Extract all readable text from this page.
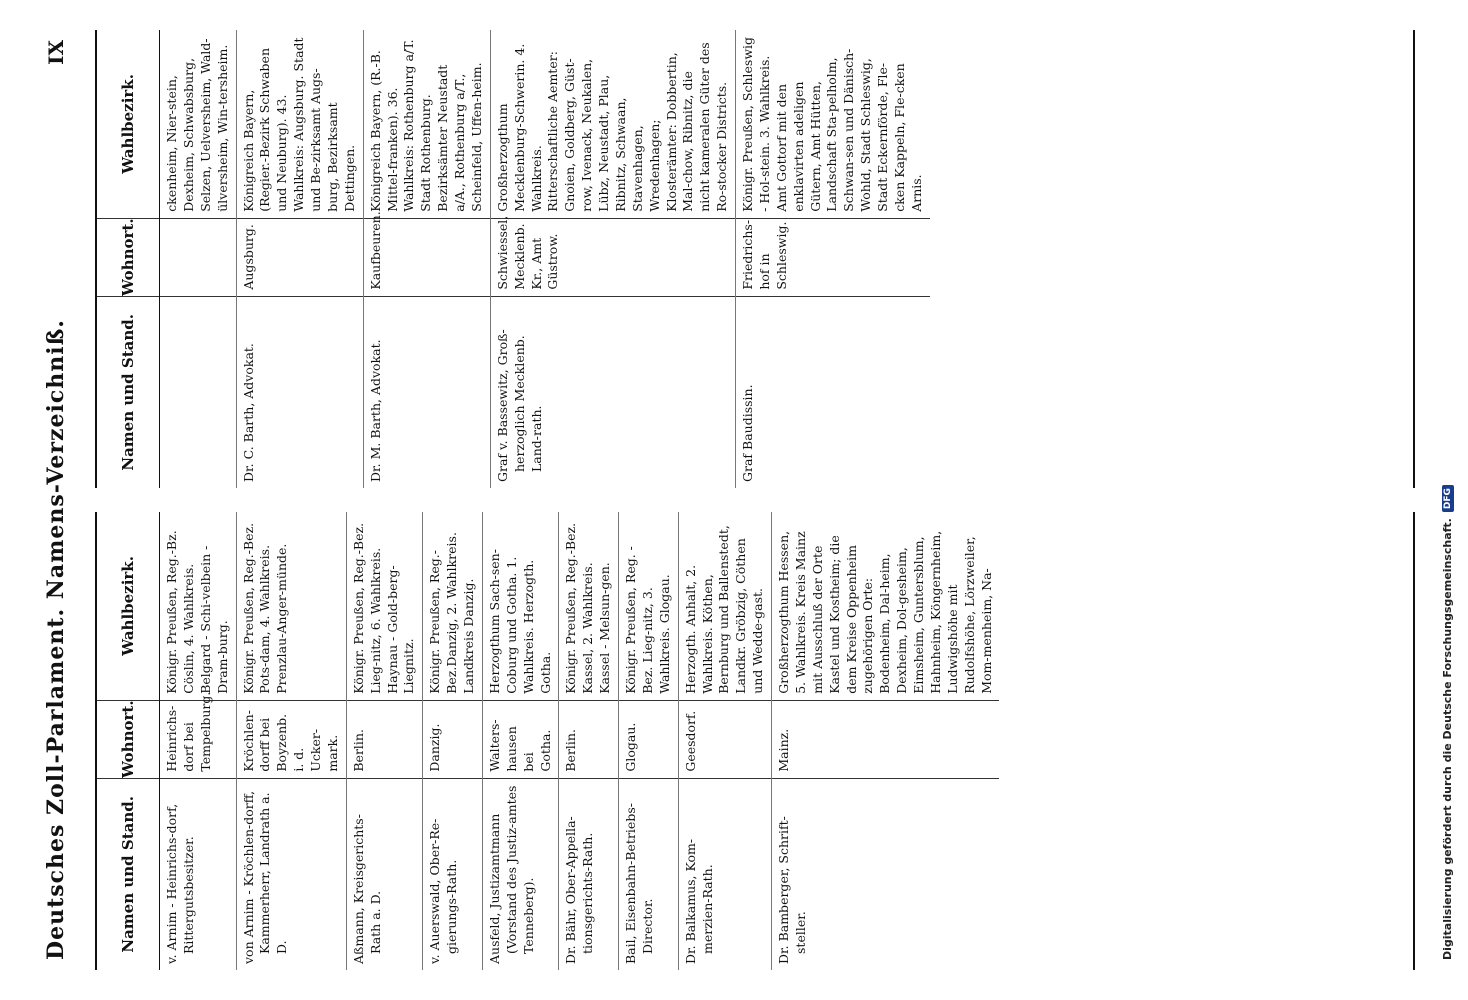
Deutsches Zoll-Parlament. Namens-Verzeichniß.
IX
Namen und Stand.
Wohnort.
Wahlbezirk.
v. Arnim - Heinrichs-dorf, Rittergutsbesitzer.
Heinrichs-dorf bei Tempelburg.
Königr. Preußen, Reg.-Bz. Cöslin, 4. Wahlkreis. Belgard - Schi-velbein - Dram-burg.
von Arnim - Kröchlen-dorff, Kammerherr, Landrath a. D.
Kröchlen-dorff bei Boyzenb. i. d. Ucker-mark.
Königr. Preußen, Reg.-Bez. Pots-dam, 4. Wahlkreis. Prenzlau-Anger-münde.
Aßmann, Kreisgerichts-Rath a. D.
Berlin.
Königr. Preußen, Reg.-Bez. Lieg-nitz, 6. Wahlkreis. Haynau - Gold-berg-Liegnitz.
v. Auerswald, Ober-Re-gierungs-Rath.
Danzig.
Königr. Preußen, Reg.-Bez.Danzig, 2. Wahlkreis. Landkreis Danzig.
Ausfeld, Justizamtmann (Vorstand des Justiz-amtes Tenneberg).
Walters-hausen bei Gotha.
Herzogthum Sach-sen-Coburg und Gotha. 1. Wahlkreis. Herzogth. Gotha.
Dr. Bähr, Ober-Appella-tionsgerichts-Rath.
Berlin.
Königr. Preußen, Reg.-Bez. Kassel, 2. Wahlkreis. Kassel - Melsun-gen.
Bail, Eisenbahn-Betriebs-Director.
Glogau.
Königr. Preußen, Reg. - Bez. Lieg-nitz, 3. Wahlkreis. Glogau.
Dr. Balkamus, Kom-merzien-Rath.
Geesdorf.
Herzogth. Anhalt, 2. Wahlkreis. Köthen, Bernburg und Ballenstedt, Landkr. Gröbzig, Cöthen und Wedde-gast.
Dr. Bamberger, Schrift-steller.
Mainz.
Großherzogthum Hessen, 5. Wahlkreis. Kreis Mainz mit Ausschluß der Orte Kastel und Kostheim; die dem Kreise Oppenheim zugehörigen Orte: Bodenheim, Dal-heim, Dexheim, Dol-gesheim, Eimsheim, Guntersblum, Hahnheim, Köngernheim, Ludwigshöhe mit Rudolfshöhe, Lörzweiler, Mom-menheim, Na-
Namen und Stand.
Wohnort.
Wahlbezirk.	ckenheim, Nier-stein, Dexheim, Schwabsburg, Selzen, Uelversheim, Wald-ülversheim, Win-tersheim.
Dr. C. Barth, Advokat.
Augsburg.
Königreich Bayern, (Regier.-Bezirk Schwaben und Neuburg). 43. Wahlkreis: Augsburg. Stadt und Be-zirksamt Augs-burg, Bezirksamt Dettingen.
Dr. M. Barth, Advokat.
Kaufbeuren.
Königreich Bayern, (R.-B. Mittel-franken). 36. Wahlkreis: Rothenburg a/T. Stadt Rothenburg. Bezirksämter Neustadt a/A., Rothenburg a/T., Scheinfeld, Uffen-heim.
Graf v. Bassewitz, Groß-herzoglich Mecklenb. Land-rath.
Schwiessel, Mecklenb. Kr., Amt Güstrow.
Großherzogthum Mecklenburg-Schwerin. 4. Wahlkreis. Ritterschaftliche Aemter: Gnoien, Goldberg, Güst-row, Ivenack, Neukalen, Lübz, Neustadt, Plau, Ribnitz, Schwaan, Stavenhagen, Wredenhagen; Klosterämter: Dobbertin, Mal-chow, Ribnitz, die nicht kameralen Güter des Ro-stocker Districts.
Graf Baudissin.
Friedrichs-hof in Schleswig.
Königr. Preußen, Schleswig - Hol-stein. 3. Wahlkreis. Amt Gottorf mit den enklavirten adeligen Gütern, Amt Hütten, Landschaft Sta-pelholm, Schwan-sen und Dänisch-Wohld, Stadt Schleswig, Stadt Eckernförde, Fle-cken Kappeln, Fle-cken Arnis.
Digitalisierung gefördert durch die Deutsche Forschungsgemeinschaft.
DFG
